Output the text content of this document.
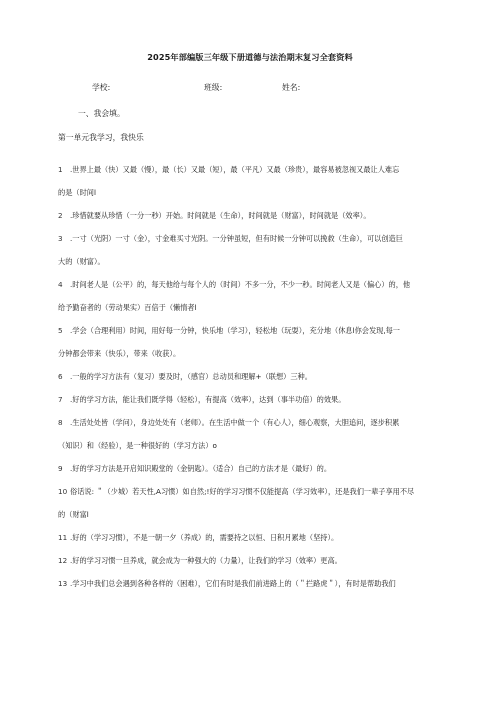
2025年部编版三年级下册道德与法治期末复习全套资料
学校:	班级:	姓名:
一、我会填。
第一单元我学习，我快乐
1 .世界上最（快）又最（慢），最（长）又最（短），最（平凡）又最（珍贵），最容易被忽视又最让人难忘
的是（时间l
2 .珍惜就要从珍惜（一分一秒）开始。时间就是（生命），时间就是（财富），时间就是（效率）。
3 .一寸（光阴）一寸（金），寸金难买寸光阴。一分钟虽短，但有时候一分钟可以挽救（生命），可以创造巨
大的（财富）。
4 .时间老人是（公平）的，每天他给与每个人的（时间）不多一分，不少一秒。时间老人又是（偏心）的，他
给予勤奋者的（劳动果实）百倍于（懒惰者l
5 .学会（合理利用）时间，用好每一分钟，快乐地（学习），轻松地（玩耍），充分地（休息l你会发现,每一
分钟都会带来（快乐），带来（收获）。
6 .一般的学习方法有（复习）要及时，（感官）总动员和理解+（联想）三种。
7 .好的学习方法，能让我们既学得（轻松），有提高（效率），达到（事半功倍）的效果。
8 .生活处处皆（学问），身边处处有（老师）。在生活中做一个（有心人），细心观察，大胆追问，逐步积累
（知识）和（经验），是一种很好的（学习方法）o
9 .好的学习方法是开启知识殿堂的（金钥匙）。（适合）自己的方法才是（最好）的。
10 俗话说: ＂（少城）若天性,A习惯）如自然;!好的学习习惯不仅能提高（学习效率），还是我们一辈子享用不尽
的（财富l
11 .好的（学习习惯），不是一朝一夕（养成）的，需要持之以恒、日积月累地（坚持）。
12 .好的学习习惯一旦养成，就会成为一种强大的（力量），让我们的学习（效率）更高。
13 .学习中我们总会遇到各种各样的（困难），它们有时是我们前进路上的（＂拦路虎＂），有时是帮助我们
